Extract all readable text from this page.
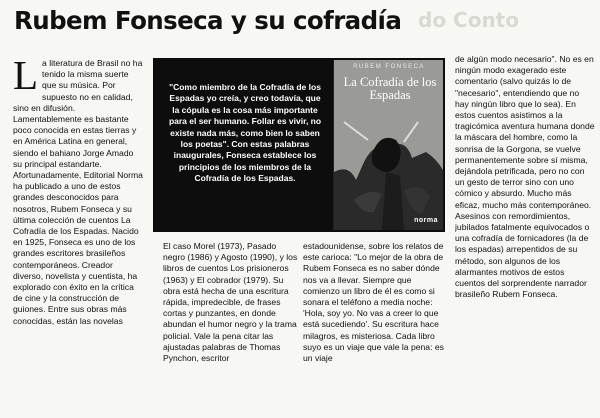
Rubem Fonseca y su cofradía do Conto
L a literatura de Brasil no ha tenido la misma suerte que su música. Por supuesto no en calidad, sino en difusión. Lamentablemente es bastante poco conocida en estas tierras y en América Latina en general, siendo el bahiano Jorge Amado su principal estandarte. Afortunadamente, Editorial Norma ha publicado a uno de estos grandes desconocidos para nosotros, Rubem Fonseca y su última colección de cuentos La Cofradía de los Espadas. Nacido en 1925, Fonseca es uno de los grandes escritores brasileños contemporáneos. Creador diverso, novelista y cuentista, ha explorado con éxito en la crítica de cine y la construcción de guiones. Entre sus obras más conocidas, están las novelas

"Como miembro de la Cofradía de los Espadas yo creía, y creo todavía, que la cópula es la cosa más importante para el ser humano. Follar es vivir, no existe nada más, como bien lo saben los poetas". Con estas palabras inaugurales, Fonseca establece los principios de los miembros de la Cofradía de los Espadas.

RUBEM FONSECA
La Cofradía de los Espadas
norma

El caso Morel (1973), Pasado negro (1986) y Agosto (1990), y los libros de cuentos Los prisioneros (1963) y El cobrador (1979). Su obra está hecha de una escritura rápida, impredecible, de frases cortas y punzantes, en donde abundan el humor negro y la trama policial. Vale la pena citar las ajustadas palabras de Thomas Pynchon, escritor

estadounidense, sobre los relatos de este carioca: "Lo mejor de la obra de Rubem Fonseca es no saber dónde nos va a llevar. Siempre que comienzo un libro de él es como si sonara el teléfono a media noche: 'Hola, soy yo. No vas a creer lo que está sucediendo'. Su escritura hace milagros, es misteriosa. Cada libro suyo es un viaje que vale la pena: es un viaje

de algún modo necesario". No es en ningún modo exagerado este comentario (salvo quizás lo de "necesario", entendiendo que no hay ningún libro que lo sea). En estos cuentos asistimos a la tragicómica aventura humana donde la máscara del hombre, como la sonrisa de la Gorgona, se vuelve permanentemente sobre sí misma, dejándola petrificada, pero no con un gesto de terror sino con uno cómico y absurdo. Mucho más eficaz, mucho más contemporáneo. Asesinos con remordimientos, jubilados fatalmente equivocados o una cofradía de fornicadores (la de los espadas) arrepentidos de su método, son algunos de los alarmantes motivos de estos cuentos del sorprendente narrador brasileño Rubem Fonseca.
